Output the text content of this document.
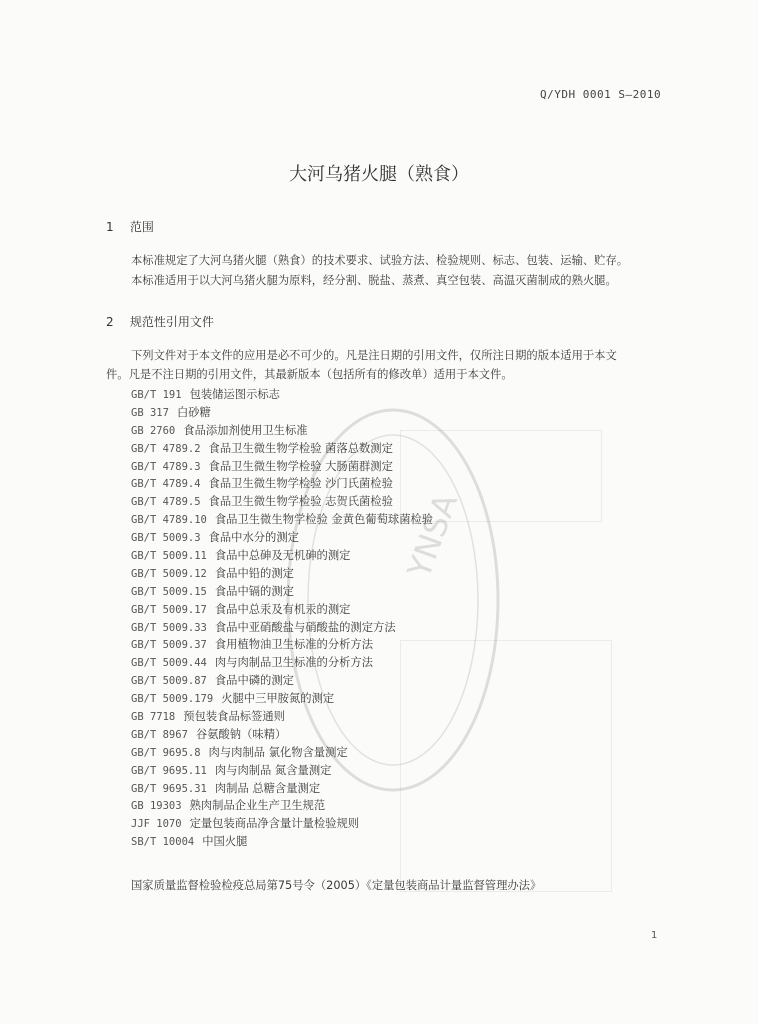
YNSA
Q/YDH 0001 S—2010
大河乌猪火腿（熟食）
1 范围
本标准规定了大河乌猪火腿（熟食）的技术要求、试验方法、检验规则、标志、包装、运输、贮存。
本标准适用于以大河乌猪火腿为原料，经分割、脱盐、蒸煮、真空包装、高温灭菌制成的熟火腿。
2 规范性引用文件
下列文件对于本文件的应用是必不可少的。凡是注日期的引用文件，仅所注日期的版本适用于本文
件。凡是不注日期的引用文件，其最新版本（包括所有的修改单）适用于本文件。
GB/T 191 包装储运图示标志
GB 317 白砂糖
GB 2760 食品添加剂使用卫生标准
GB/T 4789.2 食品卫生微生物学检验 菌落总数测定
GB/T 4789.3 食品卫生微生物学检验 大肠菌群测定
GB/T 4789.4 食品卫生微生物学检验 沙门氏菌检验
GB/T 4789.5 食品卫生微生物学检验 志贺氏菌检验
GB/T 4789.10 食品卫生微生物学检验 金黄色葡萄球菌检验
GB/T 5009.3 食品中水分的测定
GB/T 5009.11 食品中总砷及无机砷的测定
GB/T 5009.12 食品中铅的测定
GB/T 5009.15 食品中镉的测定
GB/T 5009.17 食品中总汞及有机汞的测定
GB/T 5009.33 食品中亚硝酸盐与硝酸盐的测定方法
GB/T 5009.37 食用植物油卫生标准的分析方法
GB/T 5009.44 肉与肉制品卫生标准的分析方法
GB/T 5009.87 食品中磷的测定
GB/T 5009.179 火腿中三甲胺氮的测定
GB 7718 预包装食品标签通则
GB/T 8967 谷氨酸钠（味精）
GB/T 9695.8 肉与肉制品 氯化物含量测定
GB/T 9695.11 肉与肉制品 氮含量测定
GB/T 9695.31 肉制品 总糖含量测定
GB 19303 熟肉制品企业生产卫生规范
JJF 1070 定量包装商品净含量计量检验规则
SB/T 10004 中国火腿
国家质量监督检验检疫总局第75号令（2005）《定量包装商品计量监督管理办法》
1
